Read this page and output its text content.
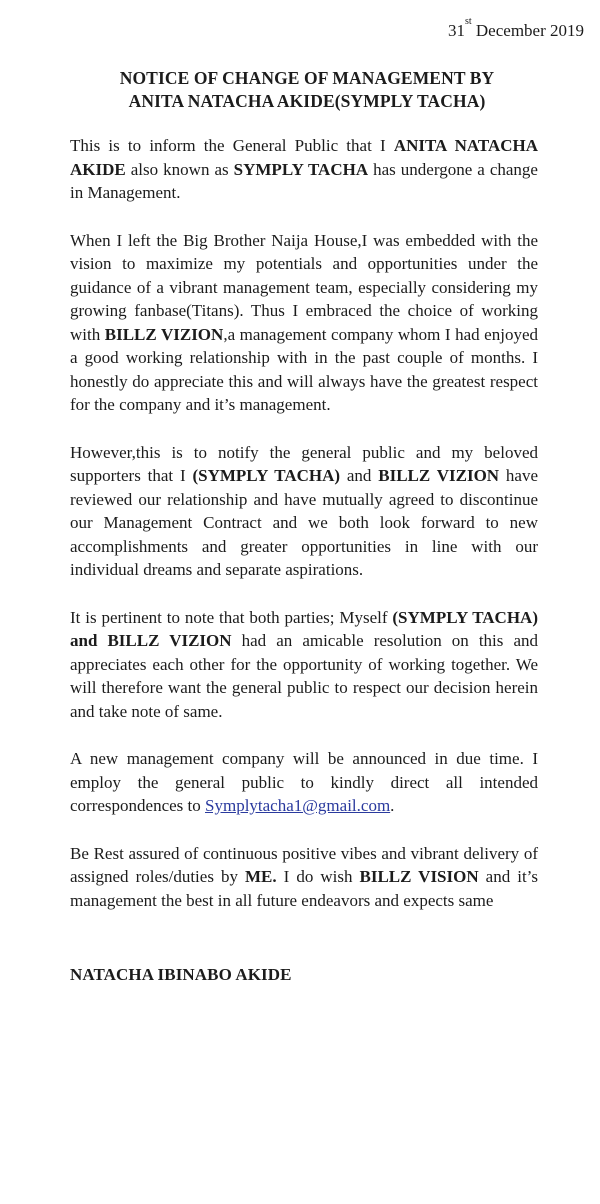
31st December 2019
NOTICE OF CHANGE OF MANAGEMENT BY
ANITA NATACHA AKIDE(SYMPLY TACHA)

This is to inform the General Public that I ANITA NATACHA AKIDE also known as SYMPLY TACHA has undergone a change in Management.

When I left the Big Brother Naija House,I was embedded with the vision to maximize my potentials and opportunities under the guidance of a vibrant management team, especially considering my growing fanbase(Titans). Thus I embraced the choice of working with BILLZ VIZION,a management company whom I had enjoyed a good working relationship with in the past couple of months. I honestly do appreciate this and will always have the greatest respect for the company and it’s management.

However,this is to notify the general public and my beloved supporters that I (SYMPLY TACHA) and BILLZ VIZION have reviewed our relationship and have mutually agreed to discontinue our Management Contract and we both look forward to new accomplishments and greater opportunities in line with our individual dreams and separate aspirations.

It is pertinent to note that both parties; Myself (SYMPLY TACHA) and BILLZ VIZION had an amicable resolution on this and appreciates each other for the opportunity of working together. We will therefore want the general public to respect our decision herein and take note of same.

A new management company will be announced in due time. I employ the general public to kindly direct all intended correspondences to Symplytacha1@gmail.com.

Be Rest assured of continuous positive vibes and vibrant delivery of assigned roles/duties by ME. I do wish BILLZ VISION and it’s management the best in all future endeavors and expects same

NATACHA IBINABO AKIDE
